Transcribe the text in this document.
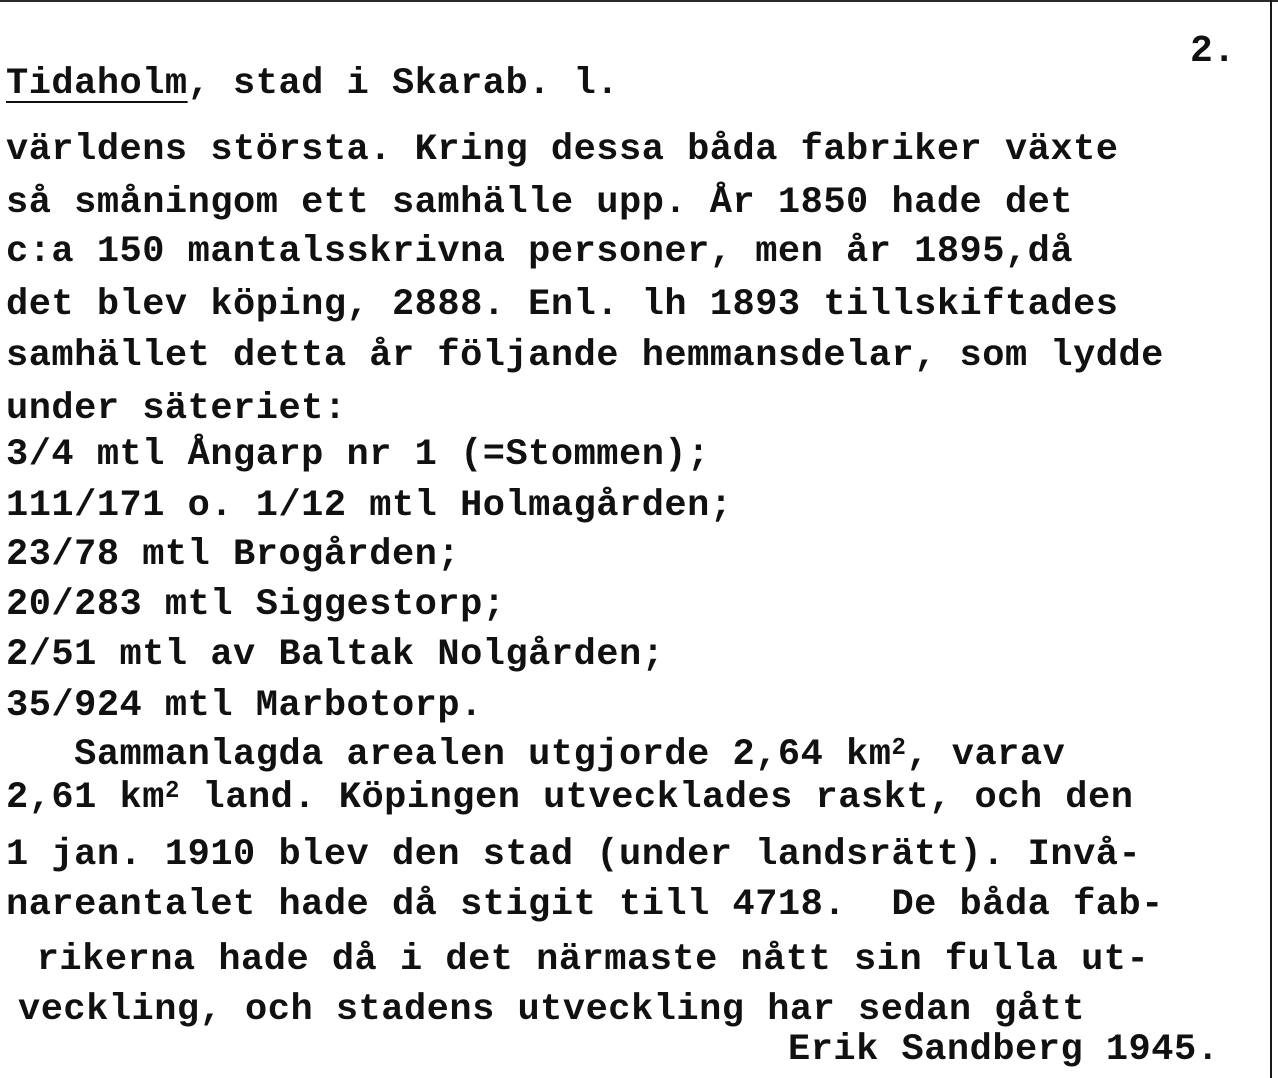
2.
Tidaholm, stad i Skarab. l.
världens största. Kring dessa båda fabriker växte
så småningom ett samhälle upp. År 1850 hade det
c:a 150 mantalsskrivna personer, men år 1895,då
det blev köping, 2888. Enl. lh 1893 tillskiftades
samhället detta år följande hemmansdelar, som lydde
under säteriet:
3/4 mtl Ångarp nr 1 (=Stommen);
111/171 o. 1/12 mtl Holmagården;
23/78 mtl Brogården;
20/283 mtl Siggestorp;
2/51 mtl av Baltak Nolgården;
35/924 mtl Marbotorp.
Sammanlagda arealen utgjorde 2,64 $km^2$, varav
2,61 $km^2$ land. Köpingen utvecklades raskt, och den
1 jan. 1910 blev den stad (under landsrätt). Invå-
nareantalet hade då stigit till 4718.  De båda fab-
rikerna hade då i det närmaste nått sin fulla ut-
veckling, och stadens utveckling har sedan gått
Erik Sandberg 1945.
